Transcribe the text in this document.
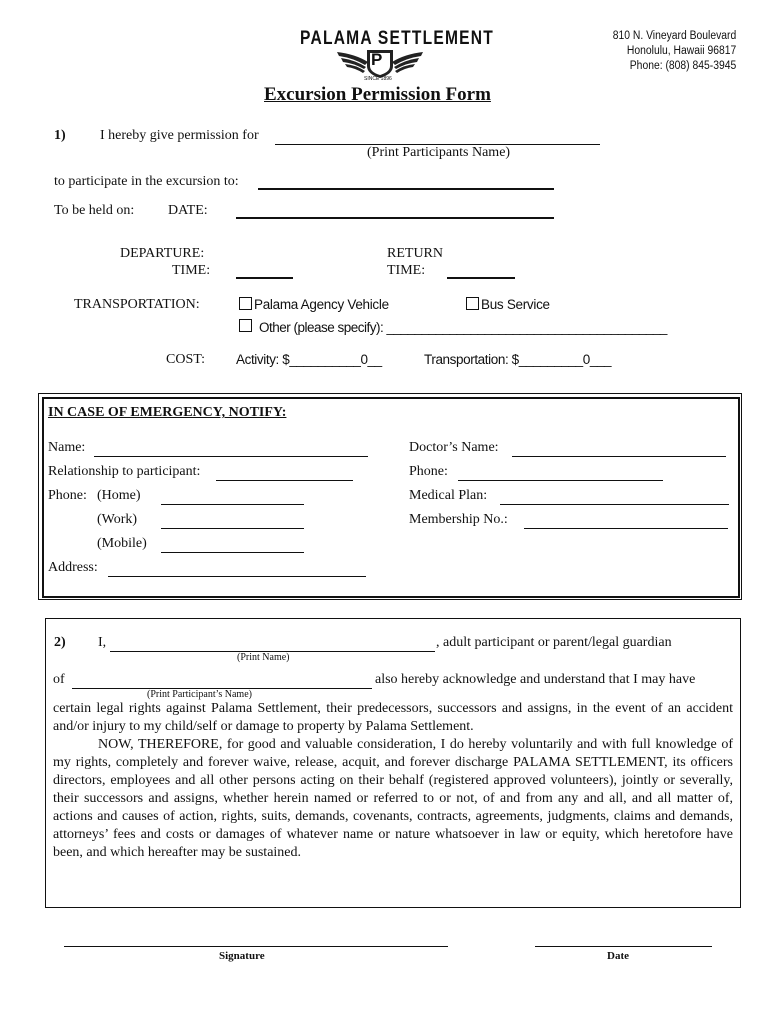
PALAMA SETTLEMENT
P
SINCE 1896
810 N. Vineyard Boulevard
Honolulu, Hawaii 96817
Phone: (808) 845-3945
Excursion Permission Form
1) I hereby give permission for
(Print Participants Name)
to participate in the excursion to:
To be held on: DATE:
DEPARTURE:
TIME:
RETURN
TIME:
TRANSPORTATION:	Palama Agency Vehicle	Bus Service
Other (please specify): ________________________________________
COST: Activity: $__________0__	Transportation: $_________0___
IN CASE OF EMERGENCY, NOTIFY:
Name:
Relationship to participant:
Phone: (Home)
(Work)
(Mobile)
Address:
Doctor’s Name:
Phone:
Medical Plan:
Membership No.:
2) I,	, adult participant or parent/legal guardian
(Print Name)
of	also hereby acknowledge and understand that I may have
(Print Participant’s Name)

certain legal rights against Palama Settlement, their predecessors, successors and assigns, in the event of an accident and/or injury to my child/self or damage to property by Palama Settlement.

NOW, THEREFORE, for good and valuable consideration, I do hereby voluntarily and with full knowledge of my rights, completely and forever waive, release, acquit, and forever discharge PALAMA SETTLEMENT, its officers directors, employees and all other persons acting on their behalf (registered approved volunteers), jointly or severally, their successors and assigns, whether herein named or referred to or not, of and from any and all, and all matter of, actions and causes of action, rights, suits, demands, covenants, contracts, agreements, judgments, claims and demands, attorneys’ fees and costs or damages of whatever name or nature whatsoever in law or equity, which heretofore have been, and which hereafter may be sustained.

Signature	Date
